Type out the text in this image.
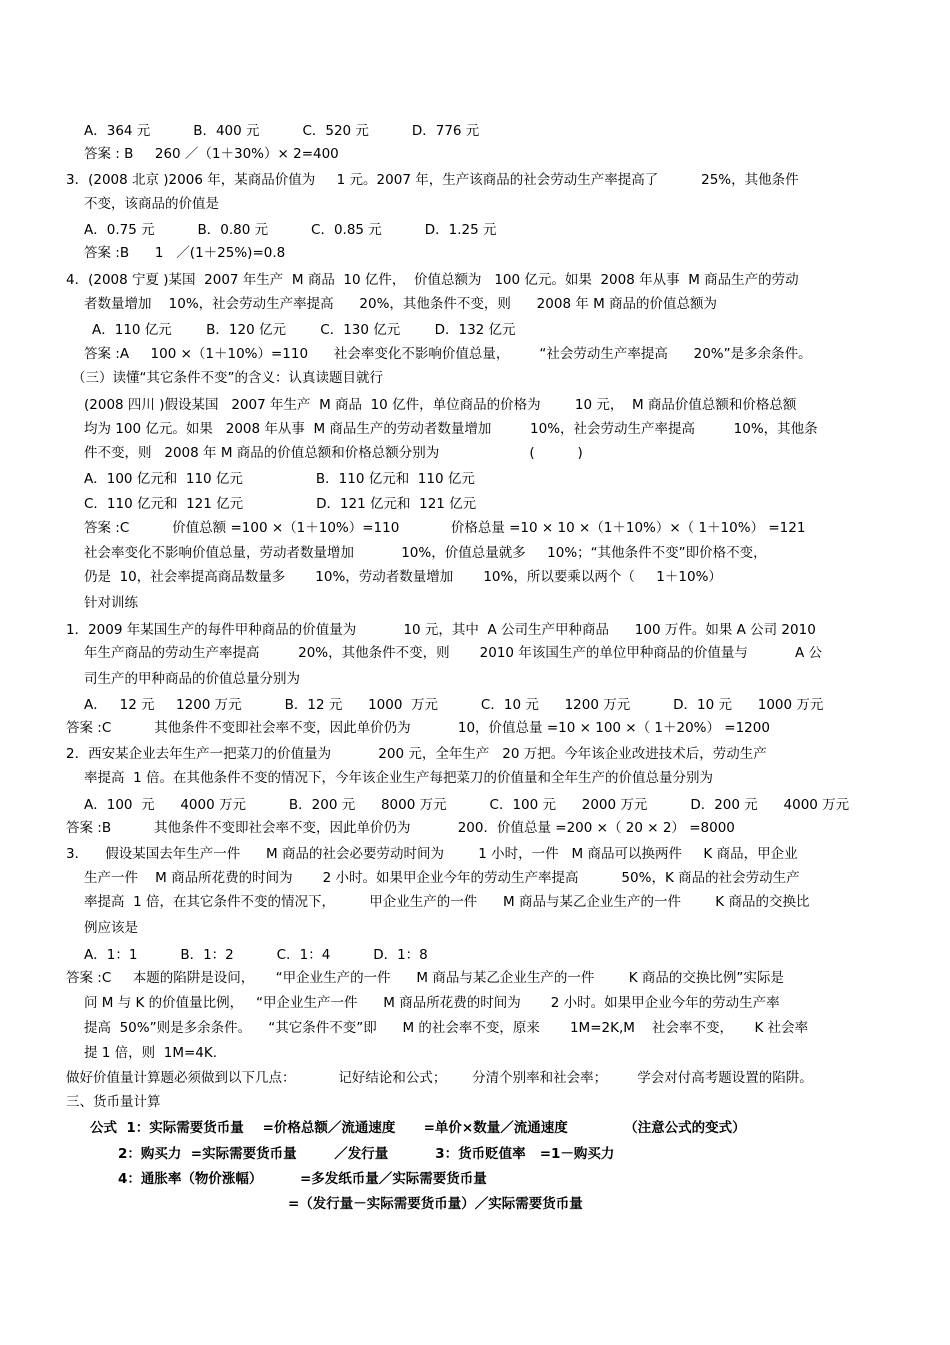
A．364 元          B．400 元          C．520 元          D．776 元
答案 : B     260 ／（1＋30%）× 2=400
3．(2008 北京 )2006 年，某商品价值为     1 元。2007 年，生产该商品的社会劳动生产率提高了          25%，其他条件
不变，该商品的价值是
A．0.75 元          B．0.80 元          C．0.85 元          D．1.25 元
答案 :B      1   ／(1＋25%)=0.8
4．(2008 宁夏 )某国  2007 年生产  M 商品  10 亿件，  价值总额为   100 亿元。如果  2008 年从事  M 商品生产的劳动
者数量增加    10%，社会劳动生产率提高      20%，其他条件不变，则      2008 年 M 商品的价值总额为
A．110 亿元        B．120 亿元        C．130 亿元        D．132 亿元
答案 :A     100 ×（1＋10%）=110      社会率变化不影响价值总量，       “社会劳动生产率提高      20%”是多余条件。
（三）读懂“其它条件不变”的含义：认真读题目就行
(2008 四川 )假设某国   2007 年生产  M 商品  10 亿件，单位商品的价格为        10 元，  M 商品价值总额和价格总额
均为 100 亿元。如果   2008 年从事  M 商品生产的劳动者数量增加         10%，社会劳动生产率提高         10%，其他条
件不变，则   2008 年 M 商品的价值总额和价格总额分别为                     (          )
A．100 亿元和  110 亿元                 B．110 亿元和  110 亿元
C．110 亿元和  121 亿元                 D．121 亿元和  121 亿元
答案 :C          价值总额 =100 ×（1＋10%）=110            价格总量 =10 × 10 ×（1＋10%）×（ 1＋10%） =121
社会率变化不影响价值总量，劳动者数量增加           10%，价值总量就多     10%；“其他条件不变”即价格不变，
仍是  10，社会率提高商品数量多       10%，劳动者数量增加       10%，所以要乘以两个（     1＋10%）
针对训练
1．2009 年某国生产的每件甲种商品的价值量为           10 元，其中  A 公司生产甲种商品      100 万件。如果 A 公司 2010
年生产商品的劳动生产率提高         20%，其他条件不变，则       2010 年该国生产的单位甲种商品的价值量与           A 公
司生产的甲种商品的价值总量分别为
A．   12 元     1200 万元          B．12 元      1000  万元          C．10 元      1200 万元          D．10 元      1000 万元
答案 :C          其他条件不变即社会率不变，因此单价仍为           10，价值总量 =10 × 100 ×（ 1＋20%） =1200
2．西安某企业去年生产一把菜刀的价值量为           200 元，全年生产   20 万把。今年该企业改进技术后，劳动生产
率提高  1 倍。在其他条件不变的情况下，今年该企业生产每把菜刀的价值量和全年生产的价值总量分别为
A．100  元      4000 万元          B．200 元      8000 万元          C．100 元      2000 万元          D．200 元      4000 万元
答案 :B          其他条件不变即社会率不变，因此单价仍为           200．价值总量 =200 ×（ 20 × 2） =8000
3．    假设某国去年生产一件      M 商品的社会必要劳动时间为        1 小时，一件   M 商品可以换两件     K 商品，甲企业
生产一件    M 商品所花费的时间为       2 小时。如果甲企业今年的劳动生产率提高          50%，K 商品的社会劳动生产
率提高  1 倍，在其它条件不变的情况下，        甲企业生产的一件      M 商品与某乙企业生产的一件        K 商品的交换比
例应该是
A．1：1          B．1：2          C．1：4          D．1：8
答案 :C     本题的陷阱是设问，     “甲企业生产的一件      M 商品与某乙企业生产的一件        K 商品的交换比例”实际是
问 M 与 K 的价值量比例，   “甲企业生产一件      M 商品所花费的时间为       2 小时。如果甲企业今年的劳动生产率
提高  50%”则是多余条件。    “其它条件不变”即      M 的社会率不变，原来       1M=2K,M    社会率不变，     K 社会率
提 1 倍，则  1M=4K.
做好价值量计算题必须做到以下几点：          记好结论和公式；      分清个别率和社会率；       学会对付高考题设置的陷阱。
三、货币量计算
公式  1：实际需要货币量    =价格总额／流通速度      =单价×数量／流通速度            （注意公式的变式）
2：购买力  =实际需要货币量        ／发行量          3：货币贬值率   =1－购买力
4：通胀率（物价涨幅）        =多发纸币量／实际需要货币量
=（发行量－实际需要货币量）／实际需要货币量
